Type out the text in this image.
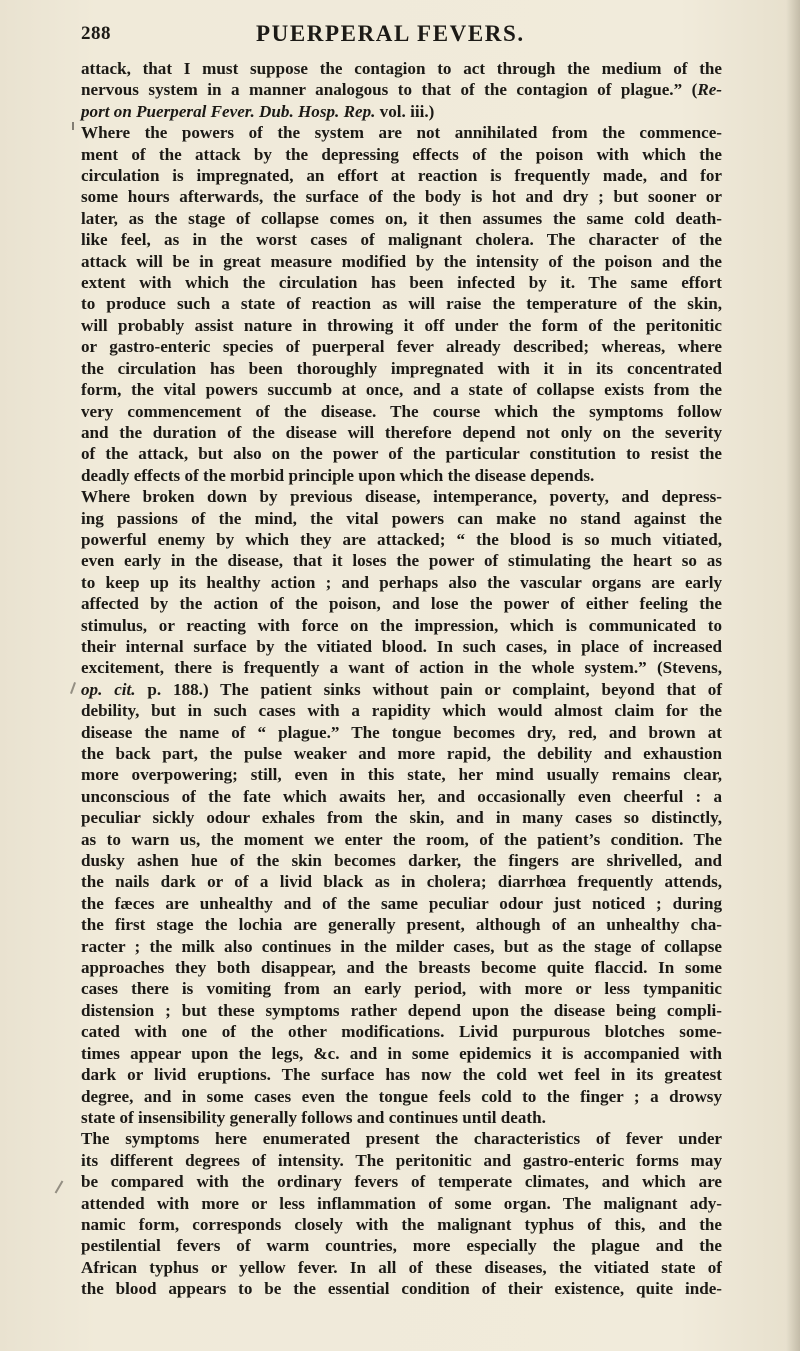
288	PUERPERAL FEVERS.
attack, that I must suppose the contagion to act through the medium of the
nervous system in a manner analogous to that of the contagion of plague.” (Re-
port on Puerperal Fever. Dub. Hosp. Rep. vol. iii.)
Where the powers of the system are not annihilated from the commence-
ment of the attack by the depressing effects of the poison with which the
circulation is impregnated, an effort at reaction is frequently made, and for
some hours afterwards, the surface of the body is hot and dry ; but sooner or
later, as the stage of collapse comes on, it then assumes the same cold death-
like feel, as in the worst cases of malignant cholera. The character of the
attack will be in great measure modified by the intensity of the poison and the
extent with which the circulation has been infected by it. The same effort
to produce such a state of reaction as will raise the temperature of the skin,
will probably assist nature in throwing it off under the form of the peritonitic
or gastro-enteric species of puerperal fever already described; whereas, where
the circulation has been thoroughly impregnated with it in its concentrated
form, the vital powers succumb at once, and a state of collapse exists from the
very commencement of the disease. The course which the symptoms follow
and the duration of the disease will therefore depend not only on the severity
of the attack, but also on the power of the particular constitution to resist the
deadly effects of the morbid principle upon which the disease depends.
Where broken down by previous disease, intemperance, poverty, and depress-
ing passions of the mind, the vital powers can make no stand against the
powerful enemy by which they are attacked; “ the blood is so much vitiated,
even early in the disease, that it loses the power of stimulating the heart so as
to keep up its healthy action ; and perhaps also the vascular organs are early
affected by the action of the poison, and lose the power of either feeling the
stimulus, or reacting with force on the impression, which is communicated to
their internal surface by the vitiated blood. In such cases, in place of increased
excitement, there is frequently a want of action in the whole system.” (Stevens,
op. cit. p. 188.) The patient sinks without pain or complaint, beyond that of
debility, but in such cases with a rapidity which would almost claim for the
disease the name of “ plague.” The tongue becomes dry, red, and brown at
the back part, the pulse weaker and more rapid, the debility and exhaustion
more overpowering; still, even in this state, her mind usually remains clear,
unconscious of the fate which awaits her, and occasionally even cheerful : a
peculiar sickly odour exhales from the skin, and in many cases so distinctly,
as to warn us, the moment we enter the room, of the patient’s condition. The
dusky ashen hue of the skin becomes darker, the fingers are shrivelled, and
the nails dark or of a livid black as in cholera; diarrhœa frequently attends,
the fæces are unhealthy and of the same peculiar odour just noticed ; during
the first stage the lochia are generally present, although of an unhealthy cha-
racter ; the milk also continues in the milder cases, but as the stage of collapse
approaches they both disappear, and the breasts become quite flaccid. In some
cases there is vomiting from an early period, with more or less tympanitic
distension ; but these symptoms rather depend upon the disease being compli-
cated with one of the other modifications. Livid purpurous blotches some-
times appear upon the legs, &c. and in some epidemics it is accompanied with
dark or livid eruptions. The surface has now the cold wet feel in its greatest
degree, and in some cases even the tongue feels cold to the finger ; a drowsy
state of insensibility generally follows and continues until death.
The symptoms here enumerated present the characteristics of fever under
its different degrees of intensity. The peritonitic and gastro-enteric forms may
be compared with the ordinary fevers of temperate climates, and which are
attended with more or less inflammation of some organ. The malignant ady-
namic form, corresponds closely with the malignant typhus of this, and the
pestilential fevers of warm countries, more especially the plague and the
African typhus or yellow fever. In all of these diseases, the vitiated state of
the blood appears to be the essential condition of their existence, quite inde-
